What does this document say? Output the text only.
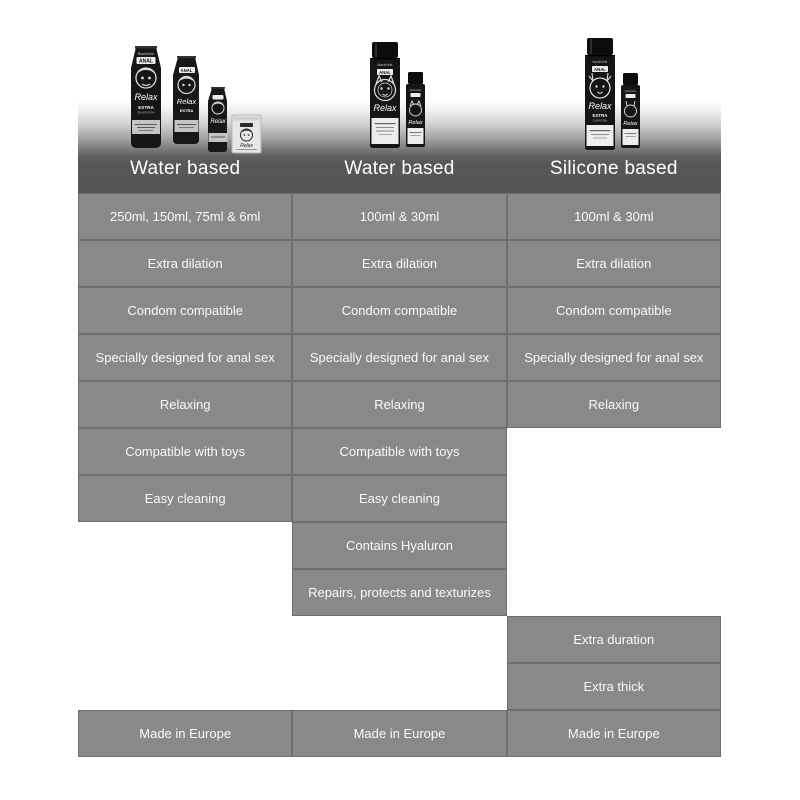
Water based	Water based	Silicone based
BlackHole
ANAL
Relax
EXTRA
DILATATION
ANAL
Relax
EXTRA
Relax
Relax
blackHole
ANAL
Relax
blackHole
Relax
blackHole
ANAL
Relax
EXTRA
DURATION
blackHole
Relax
250ml, 150ml, 75ml & 6ml
Extra dilation
Condom compatible
Specially designed for anal sex
Relaxing
Compatible with toys
Easy cleaning
Made in Europe
100ml & 30ml
Extra dilation
Condom compatible
Specially designed for anal sex
Relaxing
Compatible with toys
Easy cleaning
Contains Hyaluron
Repairs, protects and texturizes
Made in Europe
100ml & 30ml
Extra dilation
Condom compatible
Specially designed for anal sex
Relaxing
Extra duration
Extra thick
Made in Europe
